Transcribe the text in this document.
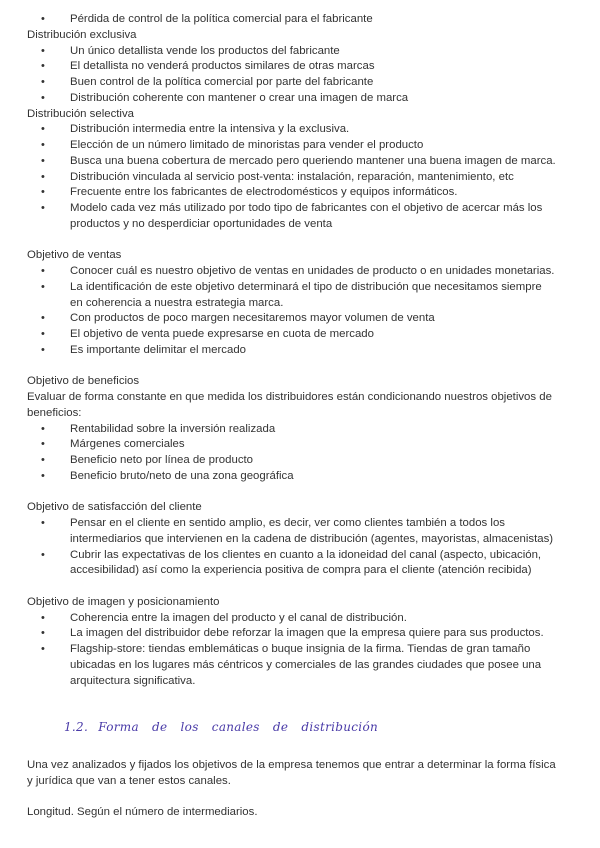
• Pérdida de control de la política comercial para el fabricante
Distribución exclusiva
• Un único detallista vende los productos del fabricante
• El detallista no venderá productos similares de otras marcas
• Buen control de la política comercial por parte del fabricante
• Distribución coherente con mantener o crear una imagen de marca
Distribución selectiva
• Distribución intermedia entre la intensiva y la exclusiva.
• Elección de un número limitado de minoristas para vender el producto
• Busca una buena cobertura de mercado pero queriendo mantener una buena imagen de marca.
• Distribución vinculada al servicio post-venta: instalación, reparación, mantenimiento, etc
• Frecuente entre los fabricantes de electrodomésticos y equipos informáticos.
• Modelo cada vez más utilizado por todo tipo de fabricantes con el objetivo de acercar más los
productos y no desperdiciar oportunidades de venta
Objetivo de ventas
• Conocer cuál es nuestro objetivo de ventas en unidades de producto o en unidades monetarias.
• La identificación de este objetivo determinará el tipo de distribución que necesitamos siempre
en coherencia a nuestra estrategia marca.
• Con productos de poco margen necesitaremos mayor volumen de venta
• El objetivo de venta puede expresarse en cuota de mercado
• Es importante delimitar el mercado
Objetivo de beneficios
Evaluar de forma constante en que medida los distribuidores están condicionando nuestros objetivos de
beneficios:
• Rentabilidad sobre la inversión realizada
• Márgenes comerciales
• Beneficio neto por línea de producto
• Beneficio bruto/neto de una zona geográfica
Objetivo de satisfacción del cliente
• Pensar en el cliente en sentido amplio, es decir, ver como clientes también a todos los
intermediarios que intervienen en la cadena de distribución (agentes, mayoristas, almacenistas)
• Cubrir las expectativas de los clientes en cuanto a la idoneidad del canal (aspecto, ubicación,
accesibilidad) así como la experiencia positiva de compra para el cliente (atención recibida)
Objetivo de imagen y posicionamiento
• Coherencia entre la imagen del producto y el canal de distribución.
• La imagen del distribuidor debe reforzar la imagen que la empresa quiere para sus productos.
• Flagship-store: tiendas emblemáticas o buque insignia de la firma. Tiendas de gran tamaño
ubicadas en los lugares más céntricos y comerciales de las grandes ciudades que posee una
arquitectura significativa.
1.2. Forma de los canales de distribución
Una vez analizados y fijados los objetivos de la empresa tenemos que entrar a determinar la forma física
y jurídica que van a tener estos canales.
Longitud. Según el número de intermediarios.
